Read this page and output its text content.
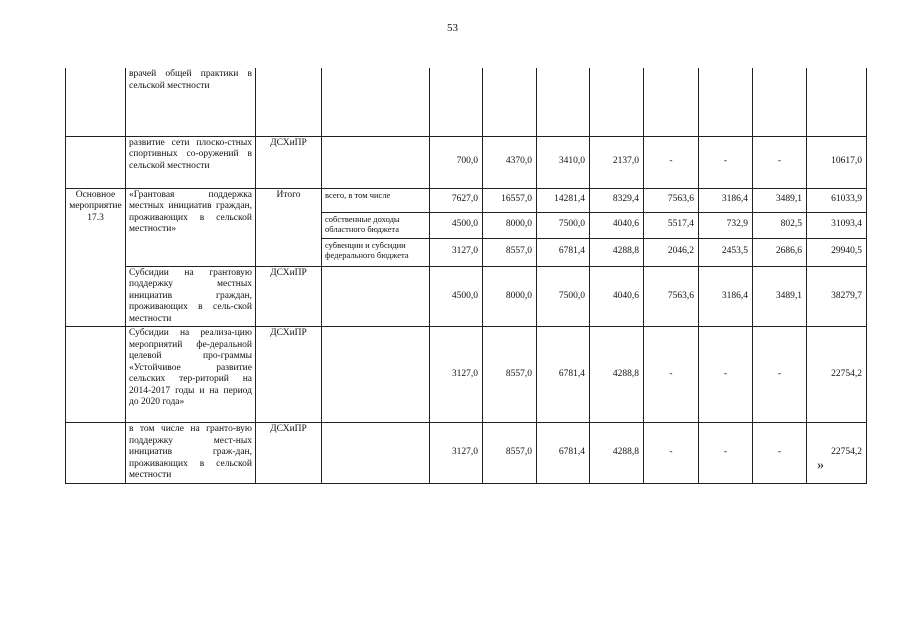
53
	врачей общей практики в сельской местности										
	развитие сети плоско-стных спортивных со-оружений в сельской местности	ДСХиПР		700,0	4370,0	3410,0	2137,0	-	-	-	10617,0
Основное мероприятие 17.3	«Грантовая поддержка местных инициатив граждан, проживающих в сельской местности»	Итого	всего, в том числе	7627,0	16557,0	14281,4	8329,4	7563,6	3186,4	3489,1	61033,9
			собственные доходы областного бюджета	4500,0	8000,0	7500,0	4040,6	5517,4	732,9	802,5	31093,4
			субвенции и субсидии федерального бюджета	3127,0	8557,0	6781,4	4288,8	2046,2	2453,5	2686,6	29940,5
	Субсидии на грантовую поддержку местных инициатив граждан, проживающих в сель-ской местности	ДСХиПР		4500,0	8000,0	7500,0	4040,6	7563,6	3186,4	3489,1	38279,7
	Субсидии на реализа-цию мероприятий фе-деральной целевой про-граммы «Устойчивое развитие сельских тер-риторий на 2014-2017 годы и на период до 2020 года»	ДСХиПР		3127,0	8557,0	6781,4	4288,8	-	-	-	22754,2
	в том числе на гранто-вую поддержку мест-ных инициатив граж-дан, проживающих в сельской местности	ДСХиПР		3127,0	8557,0	6781,4	4288,8	-	-	-	22754,2
»
